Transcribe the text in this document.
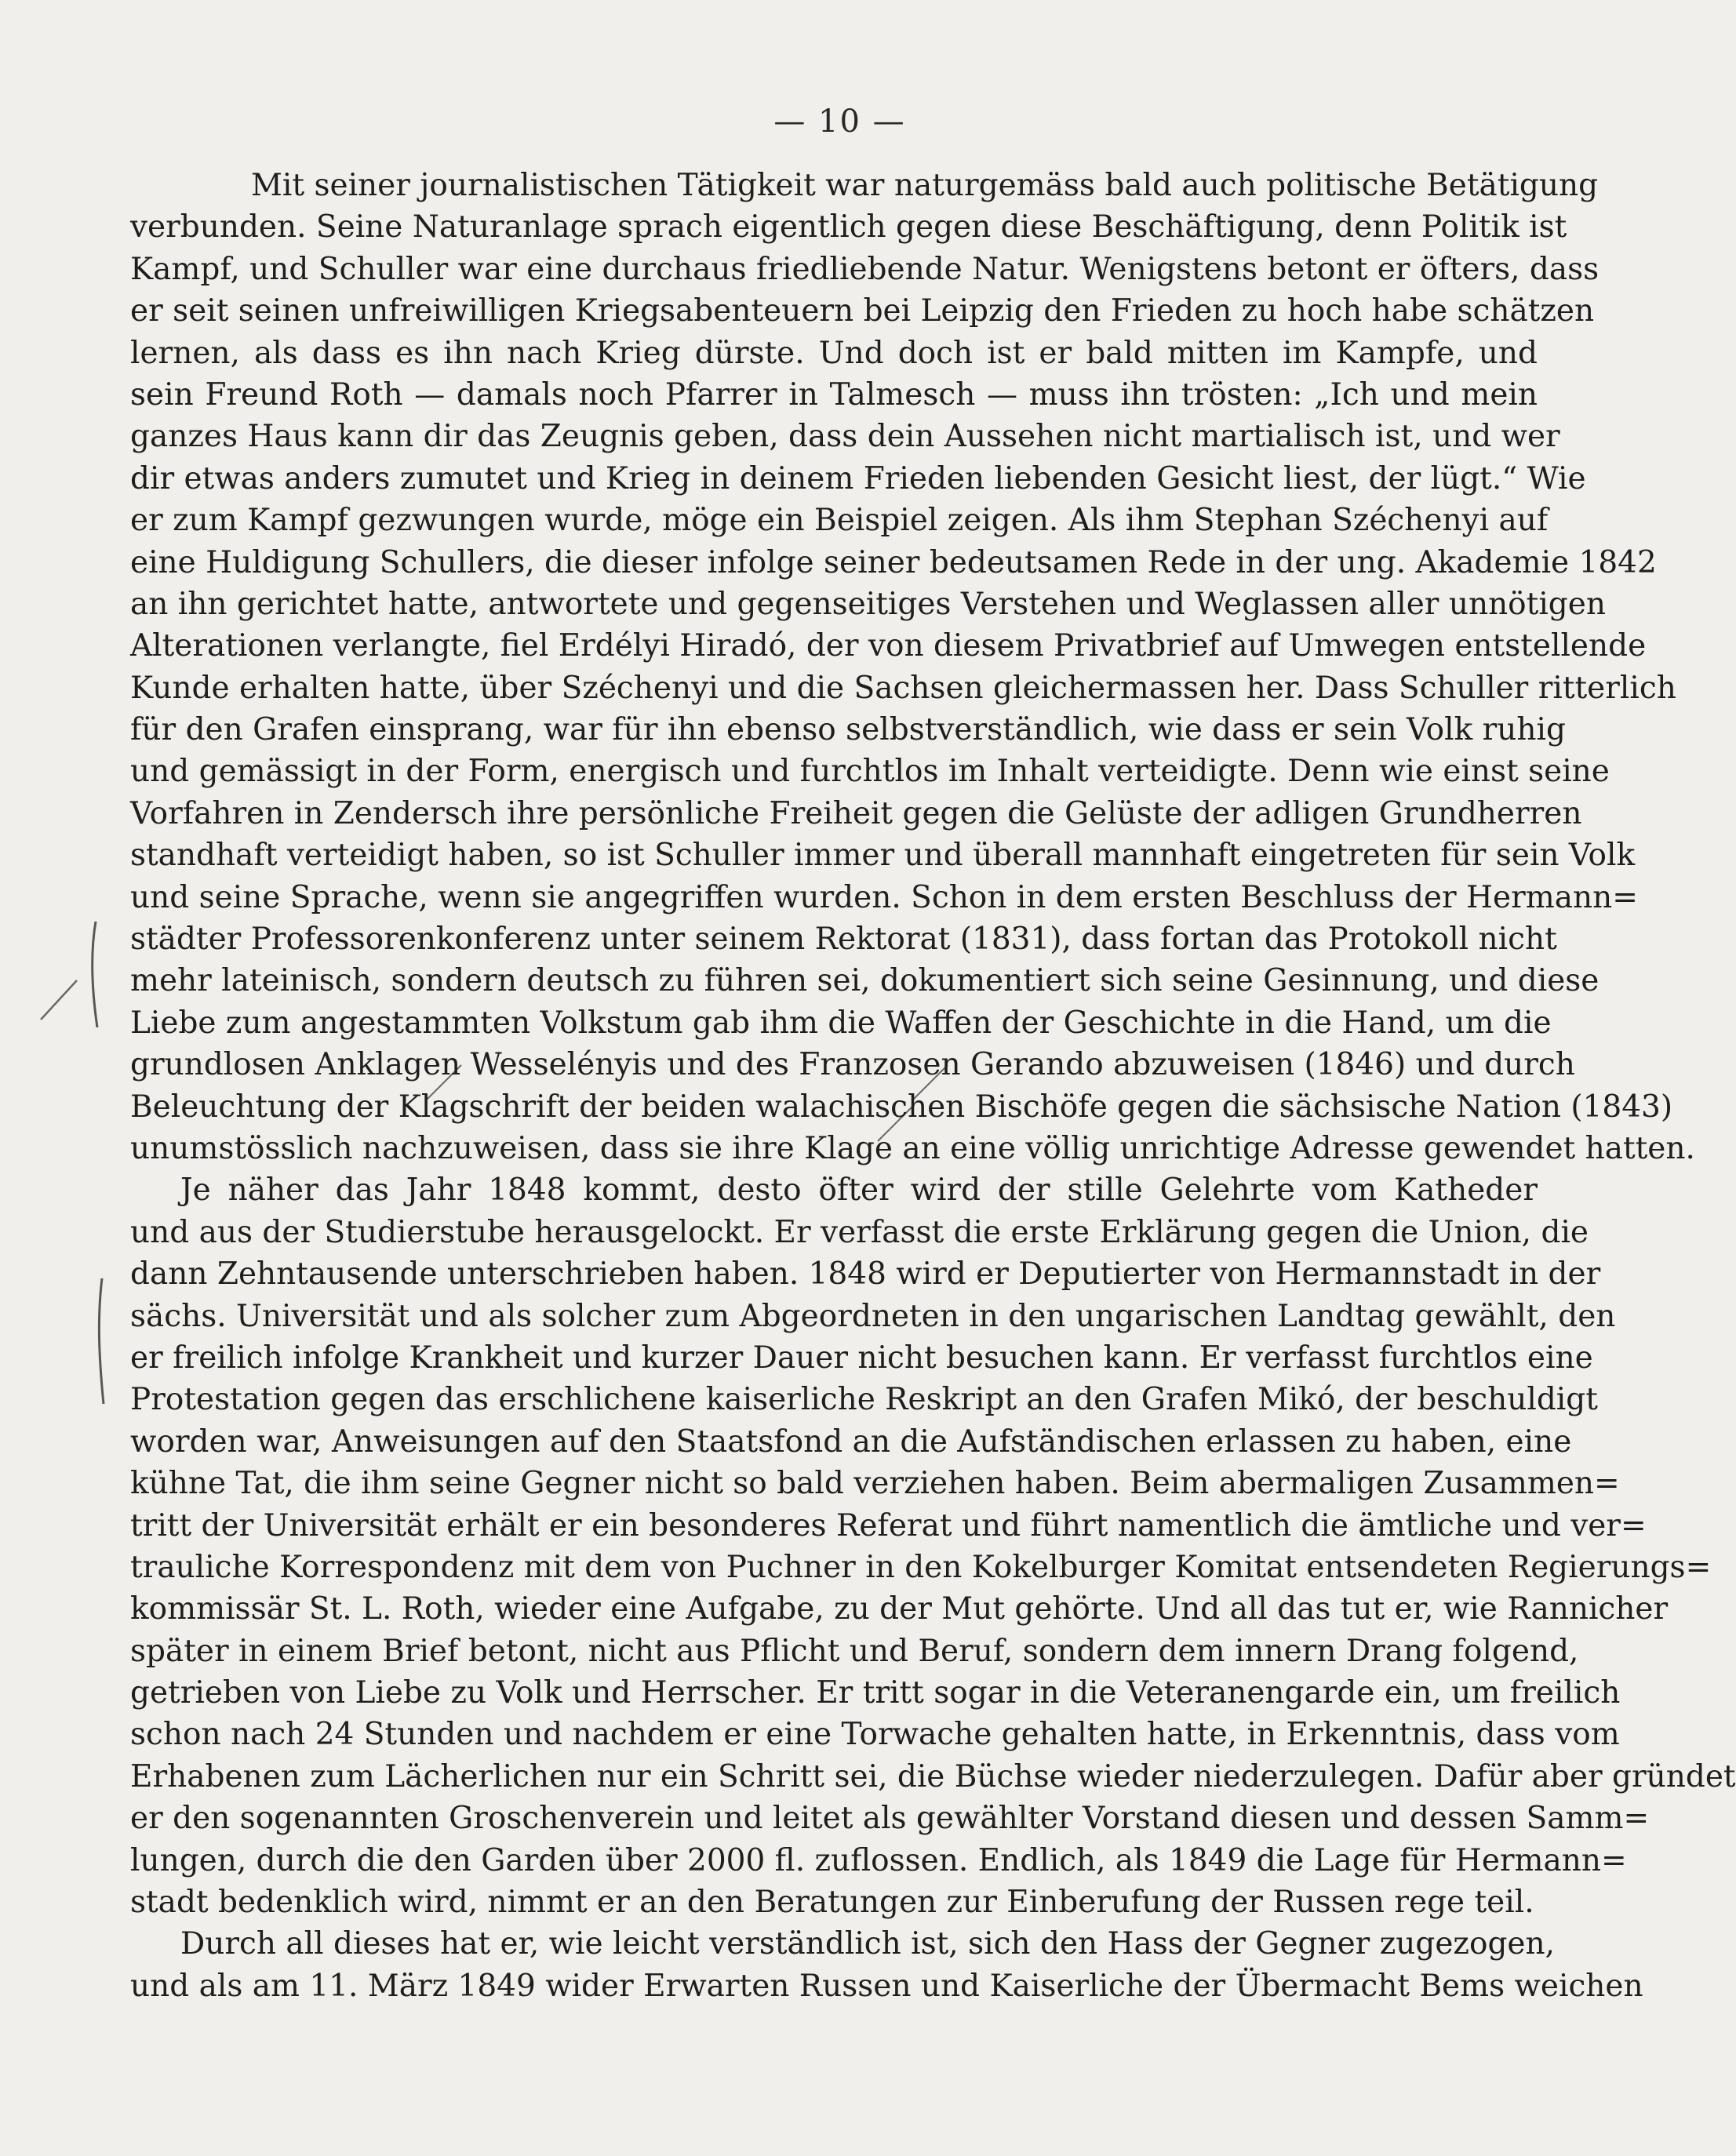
— 10 —
Mit seiner journalistischen Tätigkeit war naturgemäss bald auch politische Betätigung
verbunden. Seine Naturanlage sprach eigentlich gegen diese Beschäftigung, denn Politik ist
Kampf, und Schuller war eine durchaus friedliebende Natur. Wenigstens betont er öfters, dass
er seit seinen unfreiwilligen Kriegsabenteuern bei Leipzig den Frieden zu hoch habe schätzen
lernen, als dass es ihn nach Krieg dürste. Und doch ist er bald mitten im Kampfe, und
sein Freund Roth — damals noch Pfarrer in Talmesch — muss ihn trösten: „Ich und mein
ganzes Haus kann dir das Zeugnis geben, dass dein Aussehen nicht martialisch ist, und wer
dir etwas anders zumutet und Krieg in deinem Frieden liebenden Gesicht liest, der lügt.“ Wie
er zum Kampf gezwungen wurde, möge ein Beispiel zeigen. Als ihm Stephan Széchenyi auf
eine Huldigung Schullers, die dieser infolge seiner bedeutsamen Rede in der ung. Akademie 1842
an ihn gerichtet hatte, antwortete und gegenseitiges Verstehen und Weglassen aller unnötigen
Alterationen verlangte, fiel Erdélyi Hiradó, der von diesem Privatbrief auf Umwegen entstellende
Kunde erhalten hatte, über Széchenyi und die Sachsen gleichermassen her. Dass Schuller ritterlich
für den Grafen einsprang, war für ihn ebenso selbstverständlich, wie dass er sein Volk ruhig
und gemässigt in der Form, energisch und furchtlos im Inhalt verteidigte. Denn wie einst seine
Vorfahren in Zendersch ihre persönliche Freiheit gegen die Gelüste der adligen Grundherren
standhaft verteidigt haben, so ist Schuller immer und überall mannhaft eingetreten für sein Volk
und seine Sprache, wenn sie angegriffen wurden. Schon in dem ersten Beschluss der Hermann=
städter Professorenkonferenz unter seinem Rektorat (1831), dass fortan das Protokoll nicht
mehr lateinisch, sondern deutsch zu führen sei, dokumentiert sich seine Gesinnung, und diese
Liebe zum angestammten Volkstum gab ihm die Waffen der Geschichte in die Hand, um die
grundlosen Anklagen Wesselényis und des Franzosen Gerando abzuweisen (1846) und durch
Beleuchtung der Klagschrift der beiden walachischen Bischöfe gegen die sächsische Nation (1843)
unumstösslich nachzuweisen, dass sie ihre Klage an eine völlig unrichtige Adresse gewendet hatten.
Je näher das Jahr 1848 kommt, desto öfter wird der stille Gelehrte vom Katheder
und aus der Studierstube herausgelockt. Er verfasst die erste Erklärung gegen die Union, die
dann Zehntausende unterschrieben haben. 1848 wird er Deputierter von Hermannstadt in der
sächs. Universität und als solcher zum Abgeordneten in den ungarischen Landtag gewählt, den
er freilich infolge Krankheit und kurzer Dauer nicht besuchen kann. Er verfasst furchtlos eine
Protestation gegen das erschlichene kaiserliche Reskript an den Grafen Mikó, der beschuldigt
worden war, Anweisungen auf den Staatsfond an die Aufständischen erlassen zu haben, eine
kühne Tat, die ihm seine Gegner nicht so bald verziehen haben. Beim abermaligen Zusammen=
tritt der Universität erhält er ein besonderes Referat und führt namentlich die ämtliche und ver=
trauliche Korrespondenz mit dem von Puchner in den Kokelburger Komitat entsendeten Regierungs=
kommissär St. L. Roth, wieder eine Aufgabe, zu der Mut gehörte. Und all das tut er, wie Rannicher
später in einem Brief betont, nicht aus Pflicht und Beruf, sondern dem innern Drang folgend,
getrieben von Liebe zu Volk und Herrscher. Er tritt sogar in die Veteranengarde ein, um freilich
schon nach 24 Stunden und nachdem er eine Torwache gehalten hatte, in Erkenntnis, dass vom
Erhabenen zum Lächerlichen nur ein Schritt sei, die Büchse wieder niederzulegen. Dafür aber gründet
er den sogenannten Groschenverein und leitet als gewählter Vorstand diesen und dessen Samm=
lungen, durch die den Garden über 2000 fl. zuflossen. Endlich, als 1849 die Lage für Hermann=
stadt bedenklich wird, nimmt er an den Beratungen zur Einberufung der Russen rege teil.
Durch all dieses hat er, wie leicht verständlich ist, sich den Hass der Gegner zugezogen,
und als am 11. März 1849 wider Erwarten Russen und Kaiserliche der Übermacht Bems weichen
